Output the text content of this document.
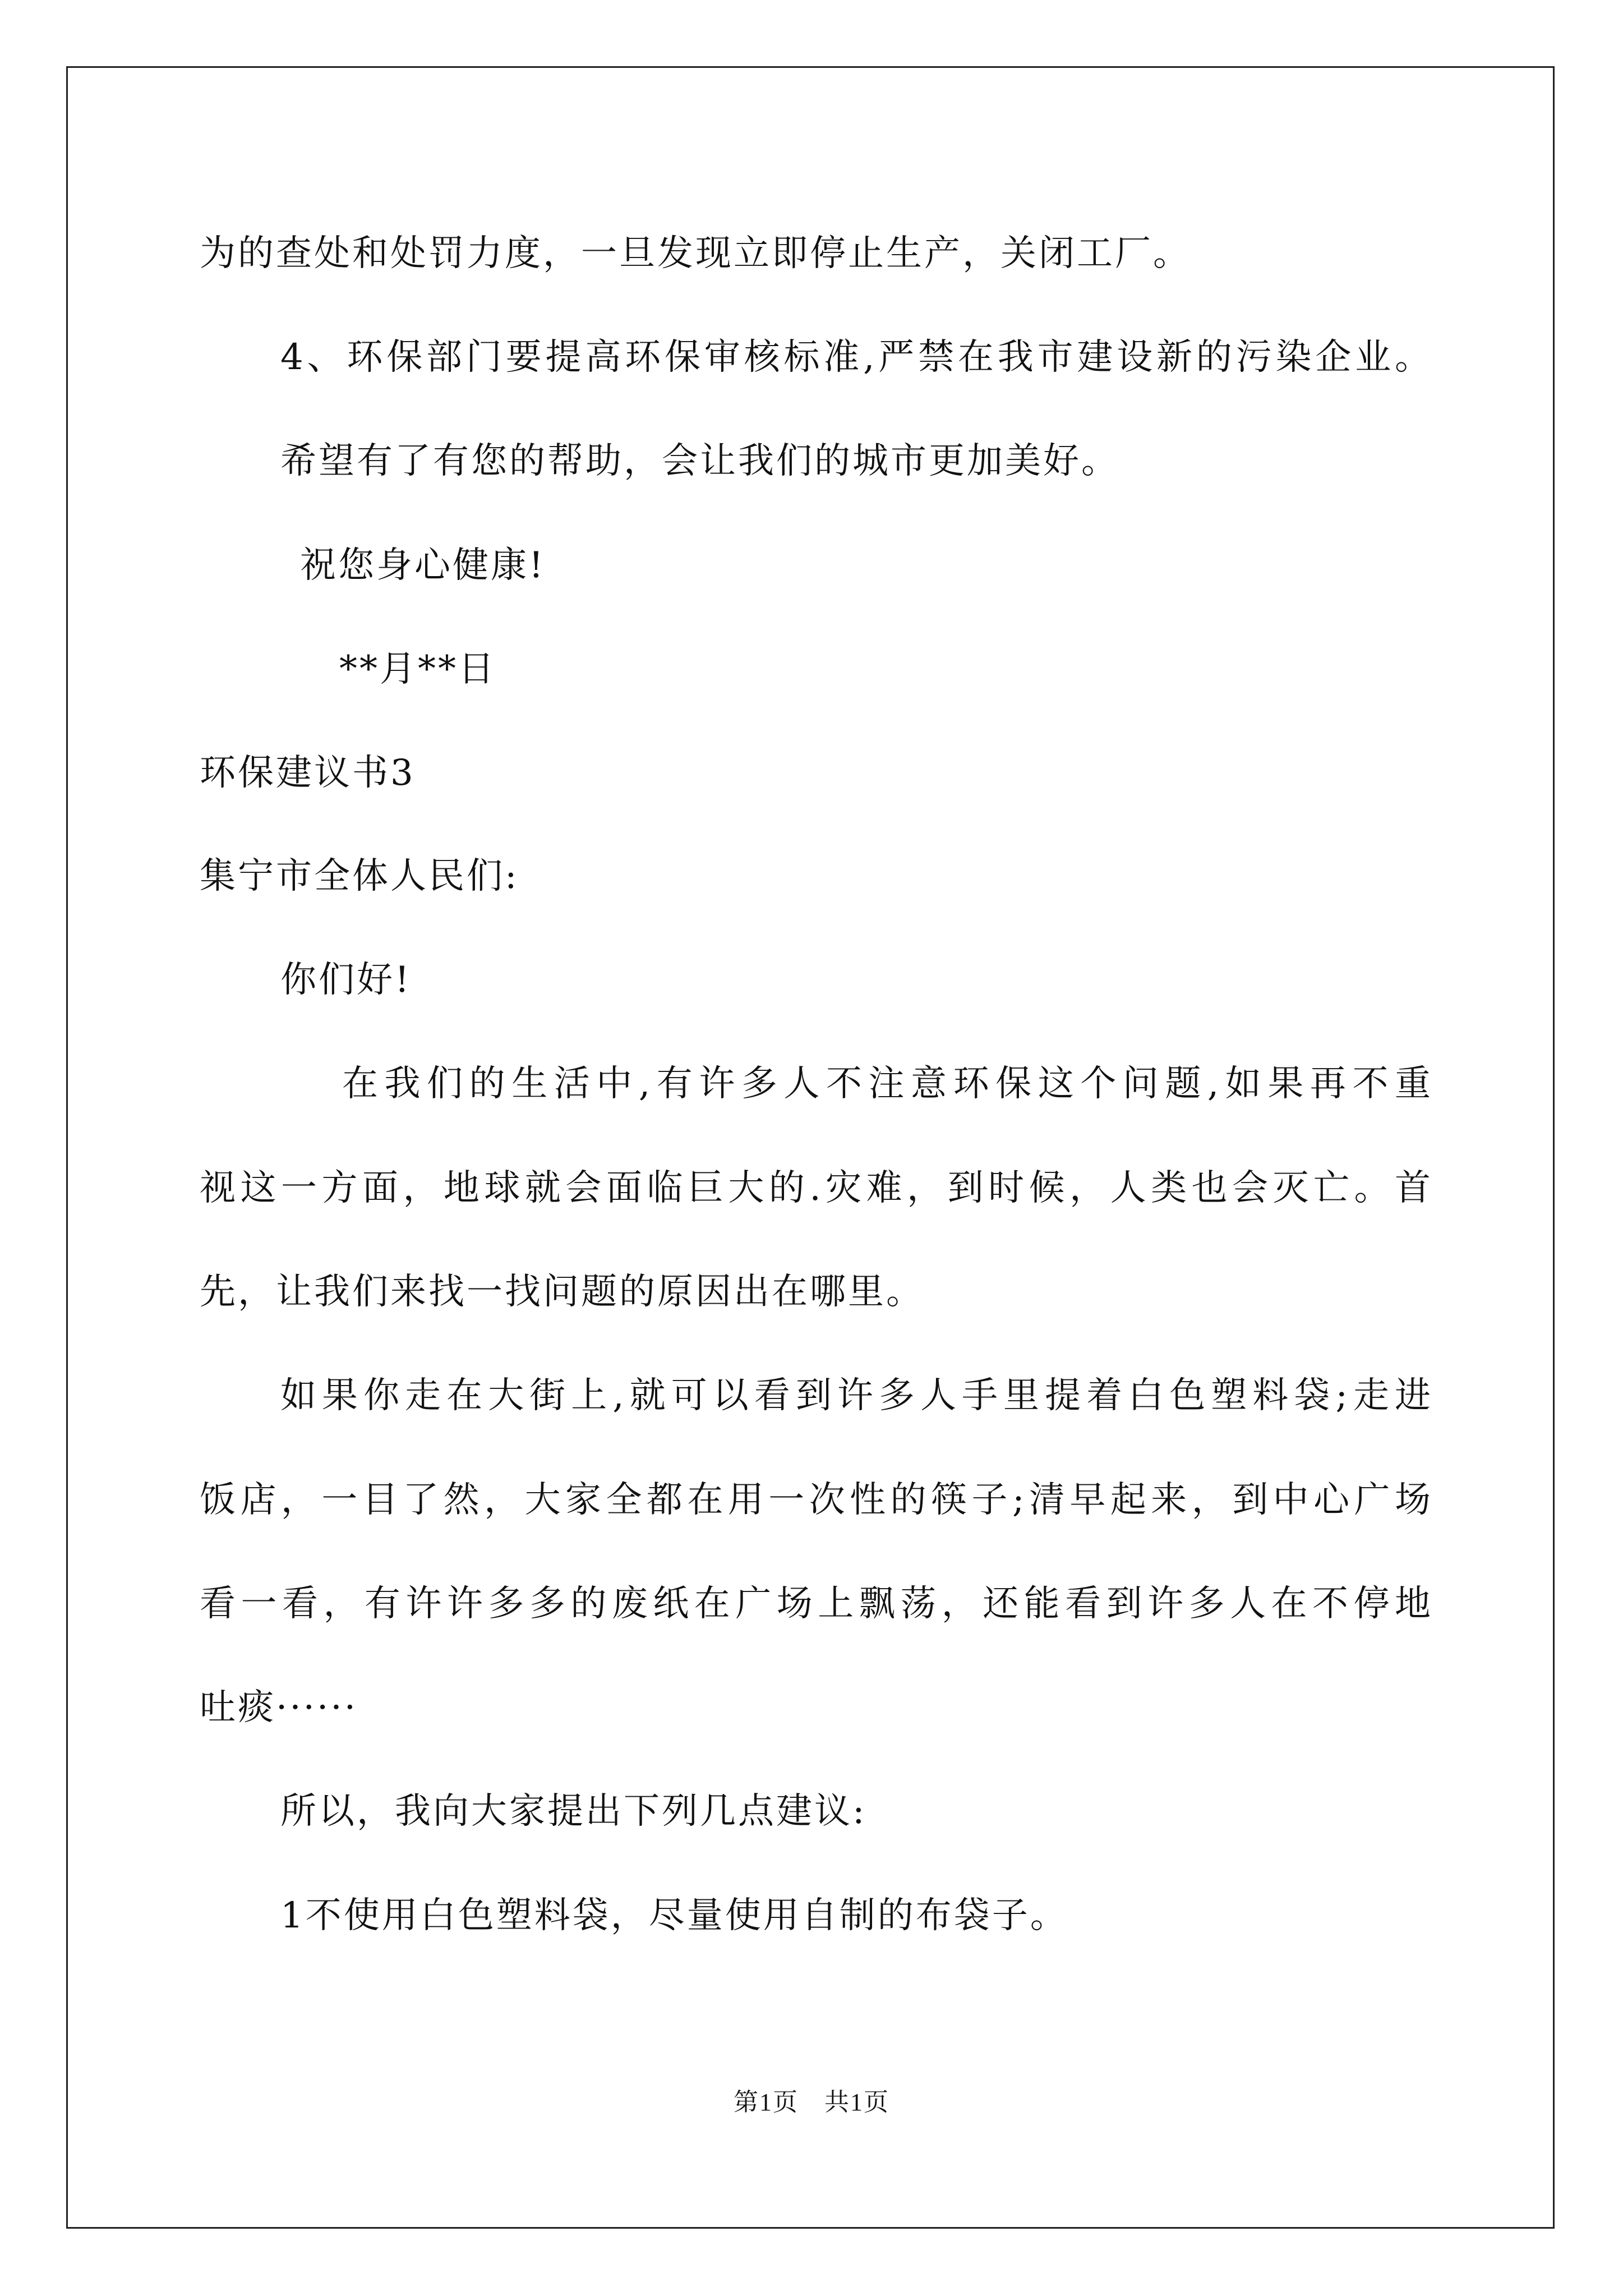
为的查处和处罚力度，一旦发现立即停止生产，关闭工厂。
4、环保部门要提高环保审核标准,严禁在我市建设新的污染企业。
希望有了有您的帮助，会让我们的城市更加美好。
祝您身心健康!
**月**日
环保建议书3
集宁市全体人民们:
你们好!
在我们的生活中,有许多人不注意环保这个问题,如果再不重
视这一方面，地球就会面临巨大的.灾难，到时候，人类也会灭亡。首
先，让我们来找一找问题的原因出在哪里。
如果你走在大街上,就可以看到许多人手里提着白色塑料袋;走进
饭店，一目了然，大家全都在用一次性的筷子;清早起来，到中心广场
看一看，有许许多多的废纸在广场上飘荡，还能看到许多人在不停地
吐痰······
所以，我向大家提出下列几点建议:
1不使用白色塑料袋，尽量使用自制的布袋子。
第1页　共1页
